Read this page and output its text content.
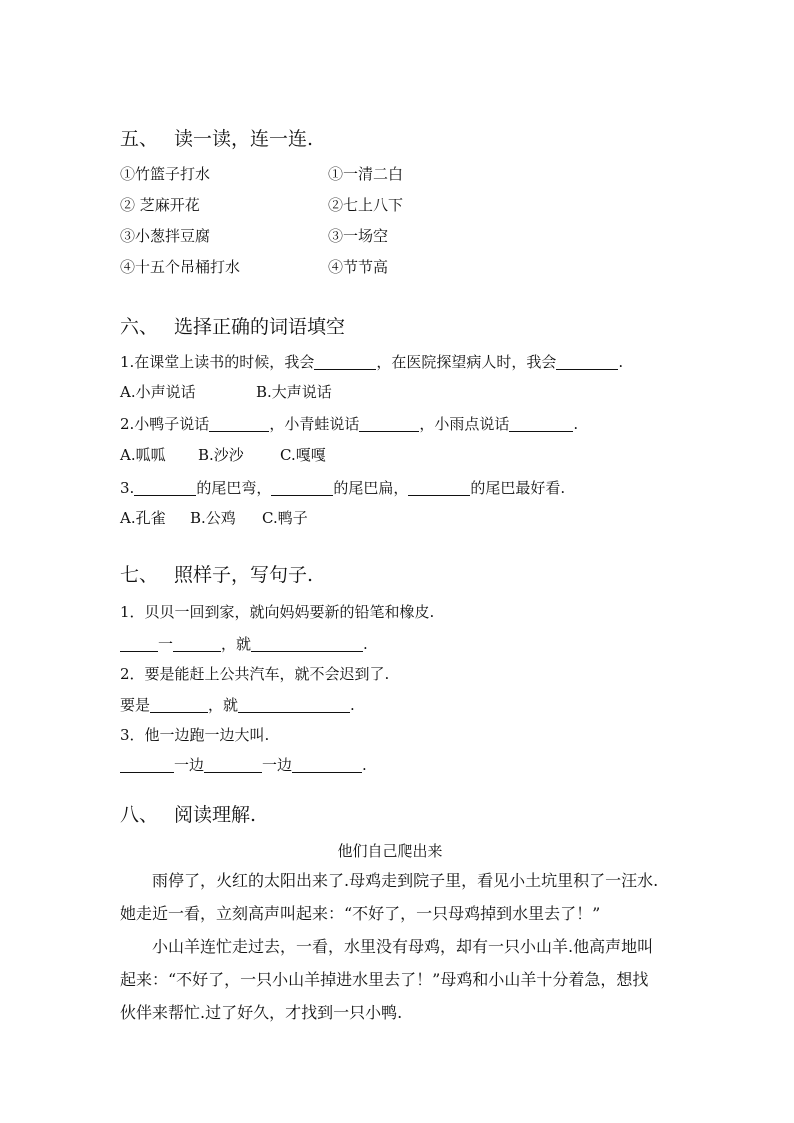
五、 读一读，连一连.
①竹篮子打水	①一清二白
② 芝麻开花	②七上八下
③小葱拌豆腐	③一场空
④十五个吊桶打水	④节节高
六、 选择正确的词语填空
1.在课堂上读书的时候，我会	，在医院探望病人时，我会	.
A.小声说话	B.大声说话
2.小鸭子说话	，小青蛙说话	，小雨点说话	.
A.呱呱 B.沙沙 C.嘎嘎
3.	的尾巴弯，	的尾巴扁，	的尾巴最好看.
A.孔雀 B.公鸡 C.鸭子
七、 照样子，写句子.
1．贝贝一回到家，就向妈妈要新的铅笔和橡皮.
一	，就	.
2．要是能赶上公共汽车，就不会迟到了.
要是	，就	.
3．他一边跑一边大叫.
一边	一边	.
八、 阅读理解.
他们自己爬出来
雨停了，火红的太阳出来了.母鸡走到院子里，看见小土坑里积了一汪水.她走近一看，立刻高声叫起来：“不好了，一只母鸡掉到水里去了！”
小山羊连忙走过去，一看，水里没有母鸡，却有一只小山羊.他高声地叫起来：“不好了，一只小山羊掉进水里去了！”母鸡和小山羊十分着急，想找伙伴来帮忙.过了好久，才找到一只小鸭.
